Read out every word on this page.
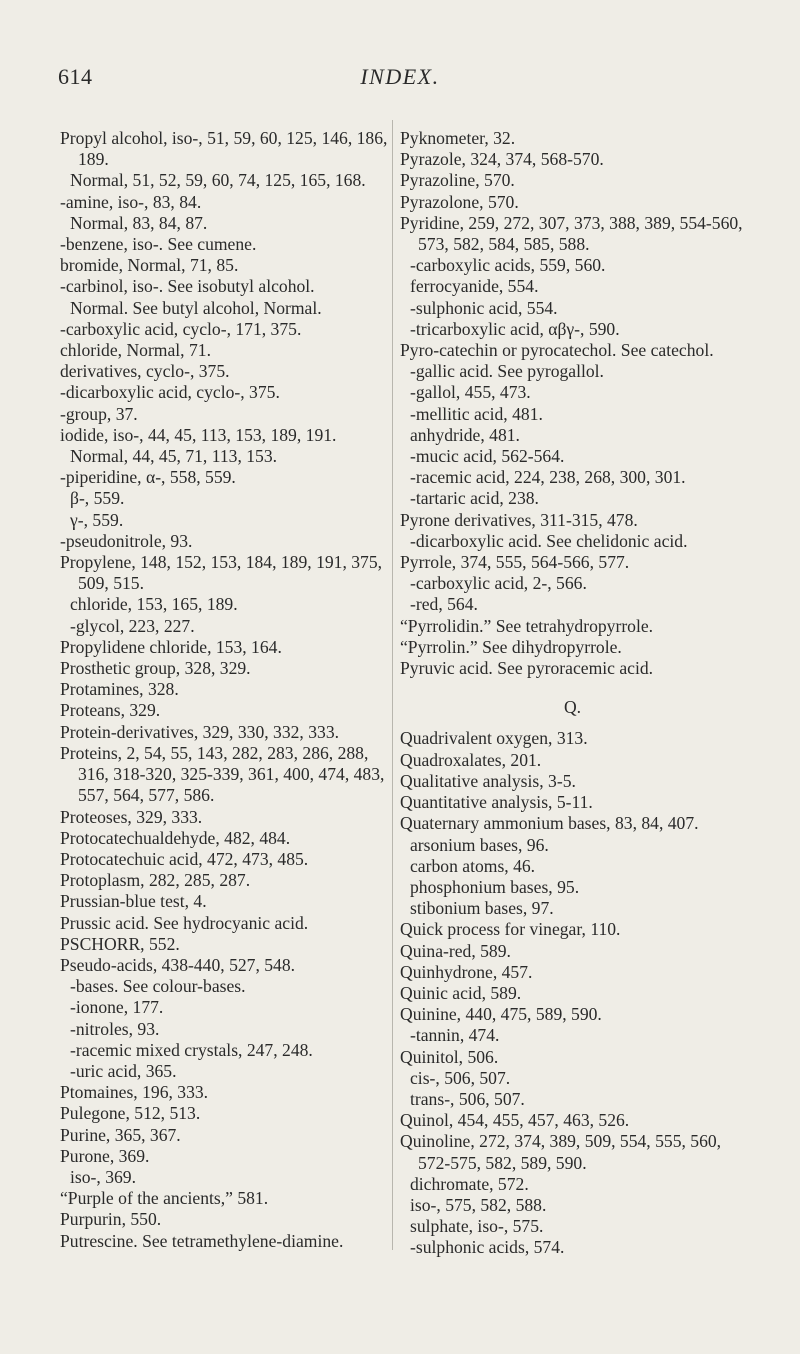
614	INDEX.

Propyl alcohol, iso-, 51, 59, 60, 125, 146, 186, 189.

Normal, 51, 52, 59, 60, 74, 125, 165, 168.

-amine, iso-, 83, 84.

Normal, 83, 84, 87.

-benzene, iso-. See cumene.

bromide, Normal, 71, 85.

-carbinol, iso-. See isobutyl alcohol.

Normal. See butyl alcohol, Normal.

-carboxylic acid, cyclo-, 171, 375.

chloride, Normal, 71.

derivatives, cyclo-, 375.

-dicarboxylic acid, cyclo-, 375.

-group, 37.

iodide, iso-, 44, 45, 113, 153, 189, 191.

Normal, 44, 45, 71, 113, 153.

-piperidine, α-, 558, 559.

β-, 559.

γ-, 559.

-pseudonitrole, 93.

Propylene, 148, 152, 153, 184, 189, 191, 375, 509, 515.

chloride, 153, 165, 189.

-glycol, 223, 227.

Propylidene chloride, 153, 164.

Prosthetic group, 328, 329.

Protamines, 328.

Proteans, 329.

Protein-derivatives, 329, 330, 332, 333.

Proteins, 2, 54, 55, 143, 282, 283, 286, 288, 316, 318-320, 325-339, 361, 400, 474, 483, 557, 564, 577, 586.

Proteoses, 329, 333.

Protocatechualdehyde, 482, 484.

Protocatechuic acid, 472, 473, 485.

Protoplasm, 282, 285, 287.

Prussian-blue test, 4.

Prussic acid. See hydrocyanic acid.

PSCHORR, 552.

Pseudo-acids, 438-440, 527, 548.

-bases. See colour-bases.

-ionone, 177.

-nitroles, 93.

-racemic mixed crystals, 247, 248.

-uric acid, 365.

Ptomaines, 196, 333.

Pulegone, 512, 513.

Purine, 365, 367.

Purone, 369.

iso-, 369.

“Purple of the ancients,” 581.

Purpurin, 550.

Putrescine. See tetramethylene-diamine.

Pyknometer, 32.

Pyrazole, 324, 374, 568-570.

Pyrazoline, 570.

Pyrazolone, 570.

Pyridine, 259, 272, 307, 373, 388, 389, 554-560, 573, 582, 584, 585, 588.

-carboxylic acids, 559, 560.

ferrocyanide, 554.

-sulphonic acid, 554.

-tricarboxylic acid, αβγ-, 590.

Pyro-catechin or pyrocatechol. See catechol.

-gallic acid. See pyrogallol.

-gallol, 455, 473.

-mellitic acid, 481.

anhydride, 481.

-mucic acid, 562-564.

-racemic acid, 224, 238, 268, 300, 301.

-tartaric acid, 238.

Pyrone derivatives, 311-315, 478.

-dicarboxylic acid. See chelidonic acid.

Pyrrole, 374, 555, 564-566, 577.

-carboxylic acid, 2-, 566.

-red, 564.

“Pyrrolidin.” See tetrahydropyrrole.

“Pyrrolin.” See dihydropyrrole.

Pyruvic acid. See pyroracemic acid.

Q.

Quadrivalent oxygen, 313.

Quadroxalates, 201.

Qualitative analysis, 3-5.

Quantitative analysis, 5-11.

Quaternary ammonium bases, 83, 84, 407.

arsonium bases, 96.

carbon atoms, 46.

phosphonium bases, 95.

stibonium bases, 97.

Quick process for vinegar, 110.

Quina-red, 589.

Quinhydrone, 457.

Quinic acid, 589.

Quinine, 440, 475, 589, 590.

-tannin, 474.

Quinitol, 506.

cis-, 506, 507.

trans-, 506, 507.

Quinol, 454, 455, 457, 463, 526.

Quinoline, 272, 374, 389, 509, 554, 555, 560, 572-575, 582, 589, 590.

dichromate, 572.

iso-, 575, 582, 588.

sulphate, iso-, 575.

-sulphonic acids, 574.
